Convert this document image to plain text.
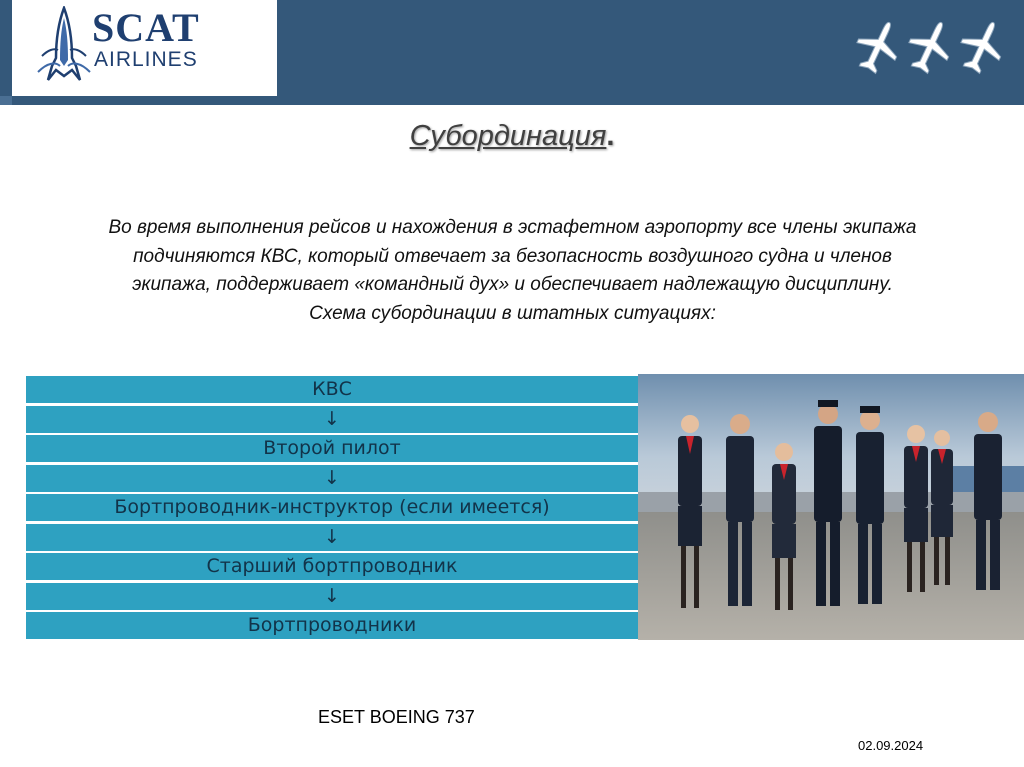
SCAT
AIRLINES
Субординация.
Во время выполнения рейсов и нахождения в эстафетном аэропорту все члены экипажа
подчиняются КВС, который отвечает за безопасность воздушного судна и членов
экипажа, поддерживает «командный дух» и обеспечивает надлежащую дисциплину.
Схема субординации в штатных ситуациях:
КВС
↓
Второй пилот
↓
Бортпроводник-инструктор (если имеется)
↓
Старший бортпроводник
↓
Бортпроводники
ESET BOEING 737
02.09.2024
